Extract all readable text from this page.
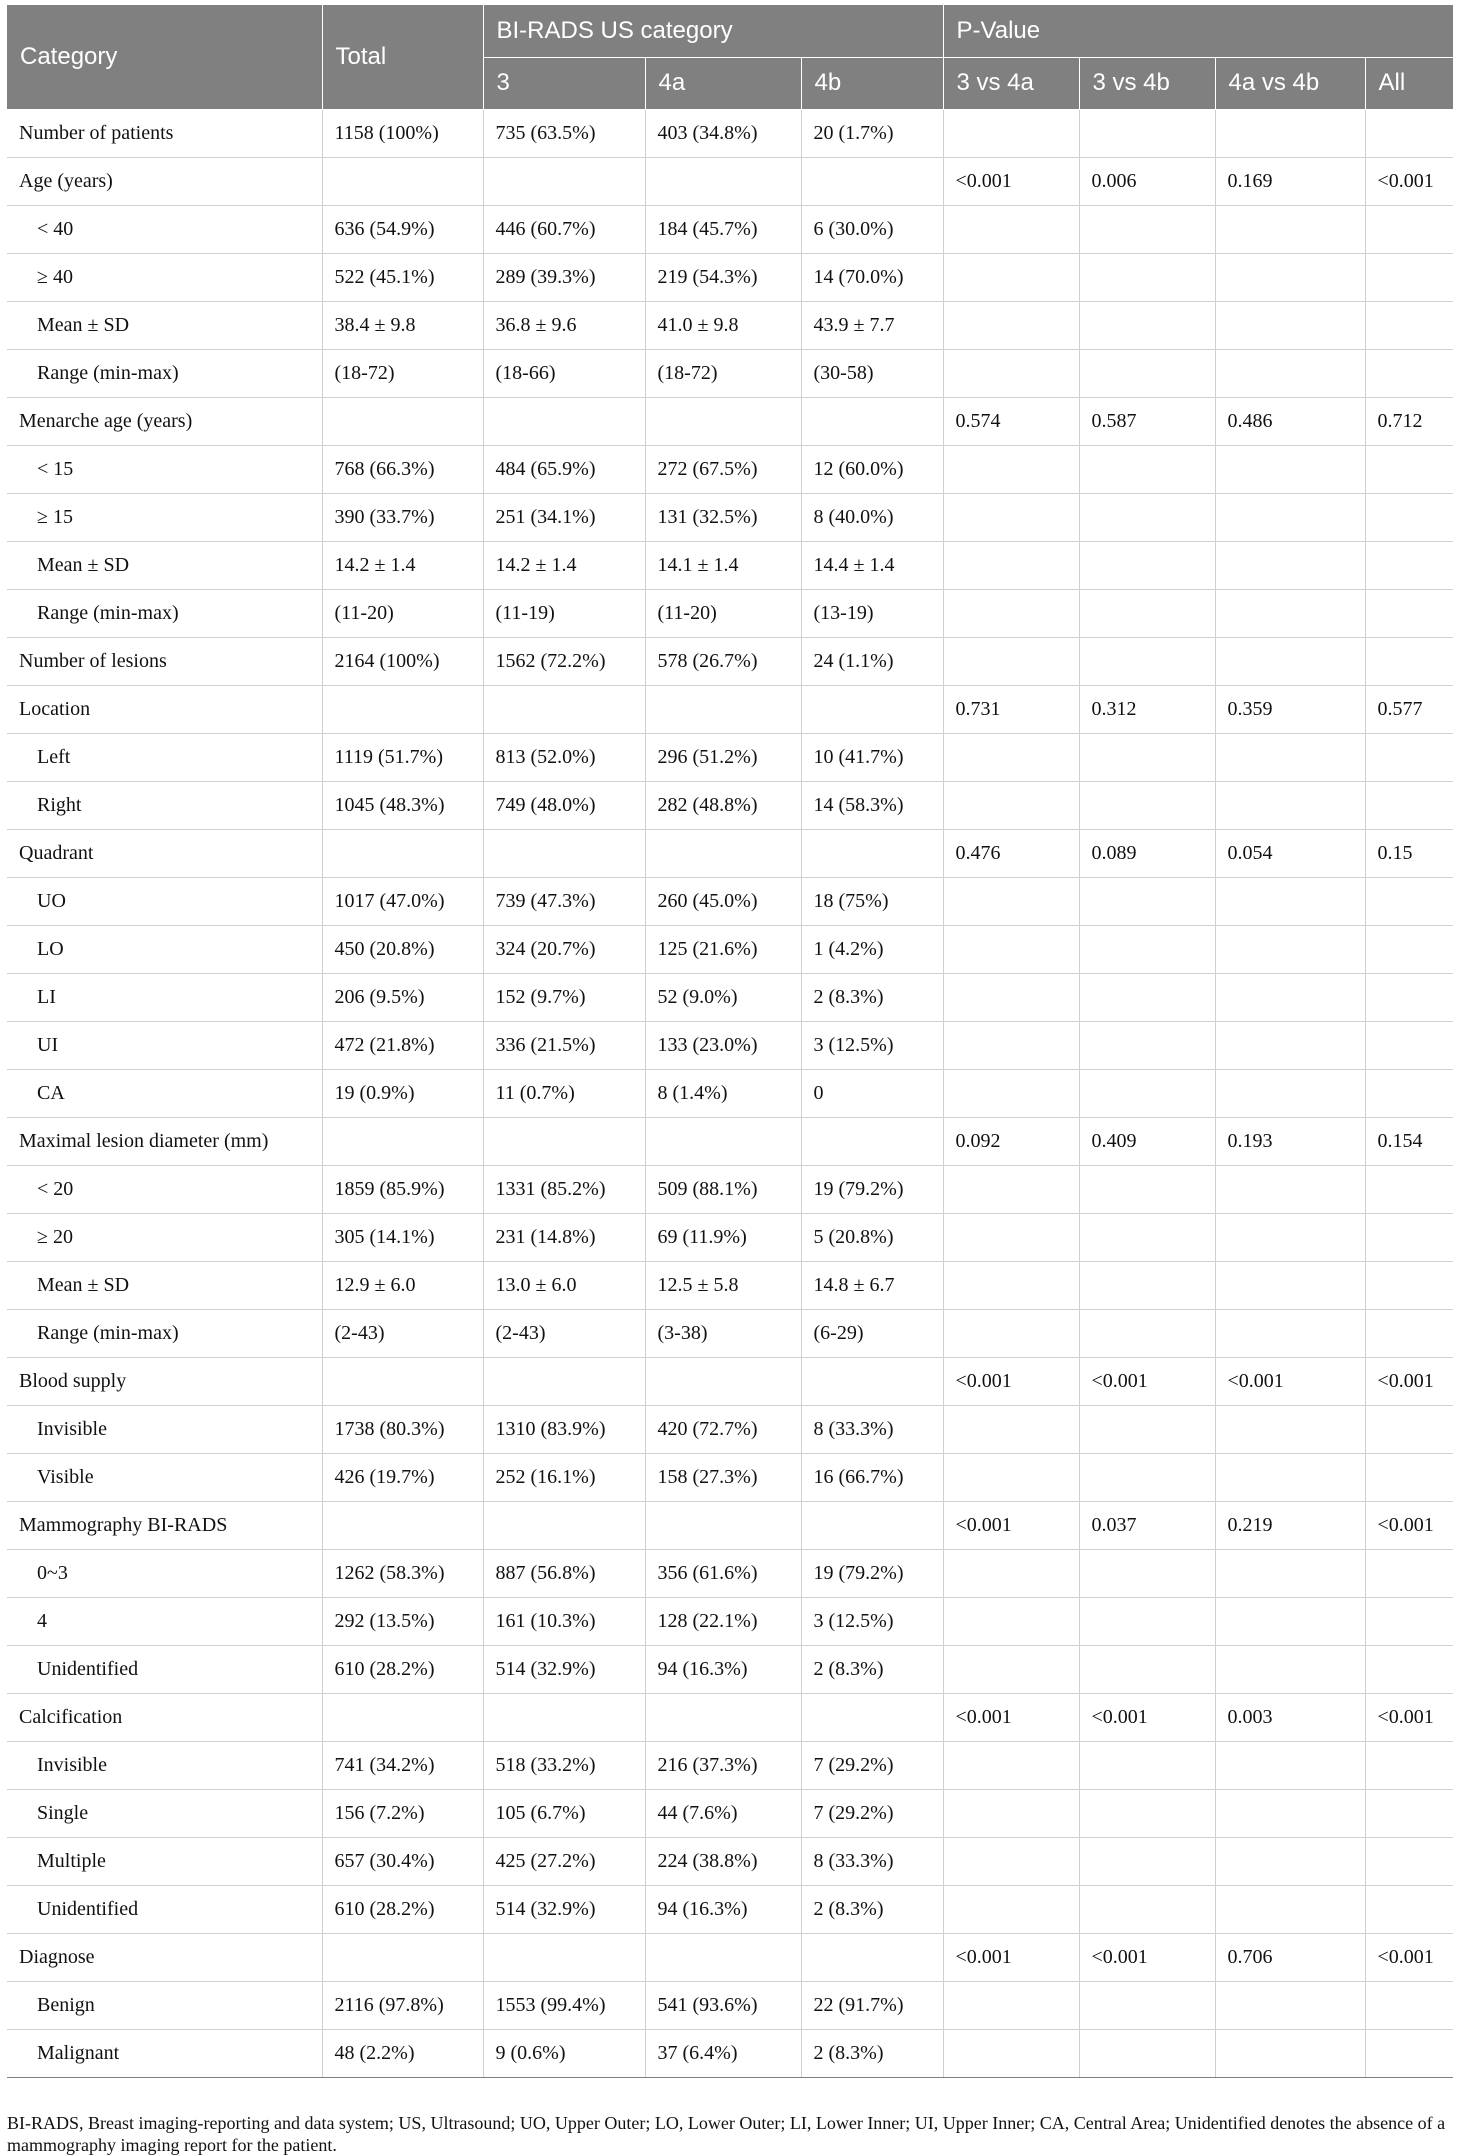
Category	Total	BI-RADS US category			P-Value			
		3	4a	4b	3 vs 4a	3 vs 4b	4a vs 4b	All
Number of patients	1158 (100%)	735 (63.5%)	403 (34.8%)	20 (1.7%)				
Age (years)					<0.001	0.006	0.169	<0.001
< 40	636 (54.9%)	446 (60.7%)	184 (45.7%)	6 (30.0%)				
≥ 40	522 (45.1%)	289 (39.3%)	219 (54.3%)	14 (70.0%)				
Mean ± SD	38.4 ± 9.8	36.8 ± 9.6	41.0 ± 9.8	43.9 ± 7.7				
Range (min-max)	(18-72)	(18-66)	(18-72)	(30-58)				
Menarche age (years)					0.574	0.587	0.486	0.712
< 15	768 (66.3%)	484 (65.9%)	272 (67.5%)	12 (60.0%)				
≥ 15	390 (33.7%)	251 (34.1%)	131 (32.5%)	8 (40.0%)				
Mean ± SD	14.2 ± 1.4	14.2 ± 1.4	14.1 ± 1.4	14.4 ± 1.4				
Range (min-max)	(11-20)	(11-19)	(11-20)	(13-19)				
Number of lesions	2164 (100%)	1562 (72.2%)	578 (26.7%)	24 (1.1%)				
Location					0.731	0.312	0.359	0.577
Left	1119 (51.7%)	813 (52.0%)	296 (51.2%)	10 (41.7%)				
Right	1045 (48.3%)	749 (48.0%)	282 (48.8%)	14 (58.3%)				
Quadrant					0.476	0.089	0.054	0.15
UO	1017 (47.0%)	739 (47.3%)	260 (45.0%)	18 (75%)				
LO	450 (20.8%)	324 (20.7%)	125 (21.6%)	1 (4.2%)				
LI	206 (9.5%)	152 (9.7%)	52 (9.0%)	2 (8.3%)				
UI	472 (21.8%)	336 (21.5%)	133 (23.0%)	3 (12.5%)				
CA	19 (0.9%)	11 (0.7%)	8 (1.4%)	0				
Maximal lesion diameter (mm)					0.092	0.409	0.193	0.154
< 20	1859 (85.9%)	1331 (85.2%)	509 (88.1%)	19 (79.2%)				
≥ 20	305 (14.1%)	231 (14.8%)	69 (11.9%)	5 (20.8%)				
Mean ± SD	12.9 ± 6.0	13.0 ± 6.0	12.5 ± 5.8	14.8 ± 6.7				
Range (min-max)	(2-43)	(2-43)	(3-38)	(6-29)				
Blood supply					<0.001	<0.001	<0.001	<0.001
Invisible	1738 (80.3%)	1310 (83.9%)	420 (72.7%)	8 (33.3%)				
Visible	426 (19.7%)	252 (16.1%)	158 (27.3%)	16 (66.7%)				
Mammography BI-RADS					<0.001	0.037	0.219	<0.001
0~3	1262 (58.3%)	887 (56.8%)	356 (61.6%)	19 (79.2%)				
4	292 (13.5%)	161 (10.3%)	128 (22.1%)	3 (12.5%)				
Unidentified	610 (28.2%)	514 (32.9%)	94 (16.3%)	2 (8.3%)				
Calcification					<0.001	<0.001	0.003	<0.001
Invisible	741 (34.2%)	518 (33.2%)	216 (37.3%)	7 (29.2%)				
Single	156 (7.2%)	105 (6.7%)	44 (7.6%)	7 (29.2%)				
Multiple	657 (30.4%)	425 (27.2%)	224 (38.8%)	8 (33.3%)				
Unidentified	610 (28.2%)	514 (32.9%)	94 (16.3%)	2 (8.3%)				
Diagnose					<0.001	<0.001	0.706	<0.001
Benign	2116 (97.8%)	1553 (99.4%)	541 (93.6%)	22 (91.7%)				
Malignant	48 (2.2%)	9 (0.6%)	37 (6.4%)	2 (8.3%)				
BI-RADS, Breast imaging-reporting and data system; US, Ultrasound; UO, Upper Outer; LO, Lower Outer; LI, Lower Inner; UI, Upper Inner; CA, Central Area; Unidentified denotes the absence of a mammography imaging report for the patient.
